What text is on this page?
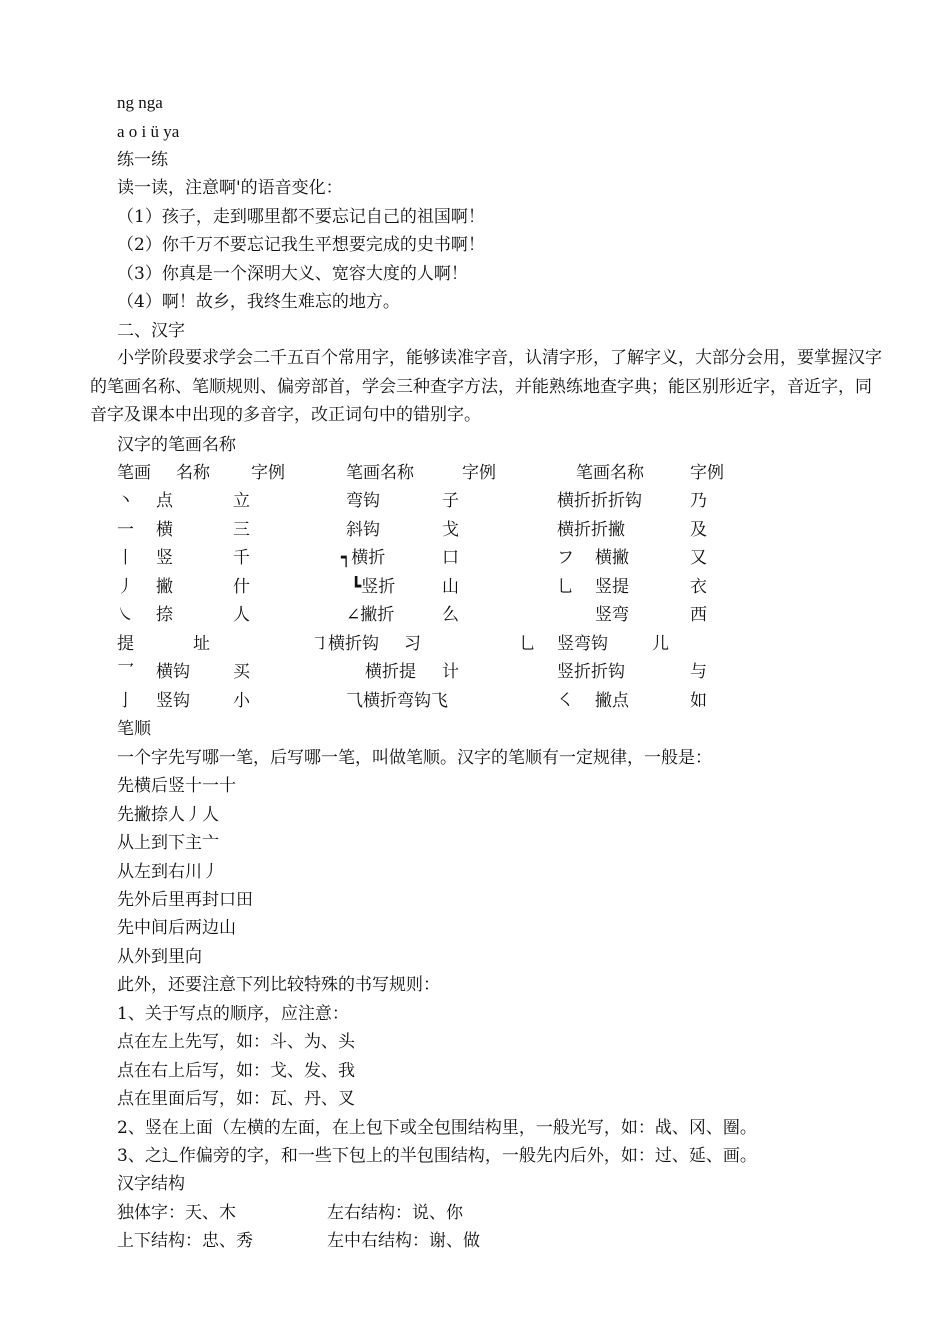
ng nga
a o i ü ya
练一练
读一读，注意啊'的语音变化：
（1）孩子，走到哪里都不要忘记自己的祖国啊！
（2）你千万不要忘记我生平想要完成的史书啊！
（3）你真是一个深明大义、宽容大度的人啊！
（4）啊！故乡，我终生难忘的地方。
二、汉字
小学阶段要求学会二千五百个常用字，能够读准字音，认清字形，了解字义，大部分会用，要掌握汉字的笔画名称、笔顺规则、偏旁部首，学会三种查字方法，并能熟练地查字典；能区别形近字，音近字，同音字及课本中出现的多音字，改正词句中的错别字。
汉字的笔画名称
笔画 名称 字例	笔画名称	字例	笔画名称	字例
丶 点	立	弯钩	子	横折折折钩	乃
一 横	三	斜钩	戈	横折折撇	及
丨 竖	千	┑横折	口	フ 横撇	又
丿 撇	什	┗竖折	山	乚 竖提	衣
㇏ 捺	人	∠撇折	么	竖弯	西
提	址	㇆横折钩 习	乚 竖弯钩	儿
乛 横钩	买	横折提 计	竖折折钩	与
亅 竖钩	小	⺄横折弯钩飞	㇛ 撇点	如
笔顺
一个字先写哪一笔，后写哪一笔，叫做笔顺。汉字的笔顺有一定规律，一般是：
先横后竖十一十
先撇捺人丿人
从上到下主亠
从左到右川丿
先外后里再封口田
先中间后两边山
从外到里向
此外，还要注意下列比较特殊的书写规则：
1、关于写点的顺序，应注意：
点在左上先写，如：斗、为、头
点在右上后写，如：戈、发、我
点在里面后写，如：瓦、丹、叉
2、竖在上面（左横的左面，在上包下或全包围结构里，一般光写，如：战、冈、圈。
3、之辶作偏旁的字，和一些下包上的半包围结构，一般先内后外，如：过、延、画。
汉字结构
独体字：天、木	左右结构：说、你
上下结构：忠、秀	左中右结构：谢、做
